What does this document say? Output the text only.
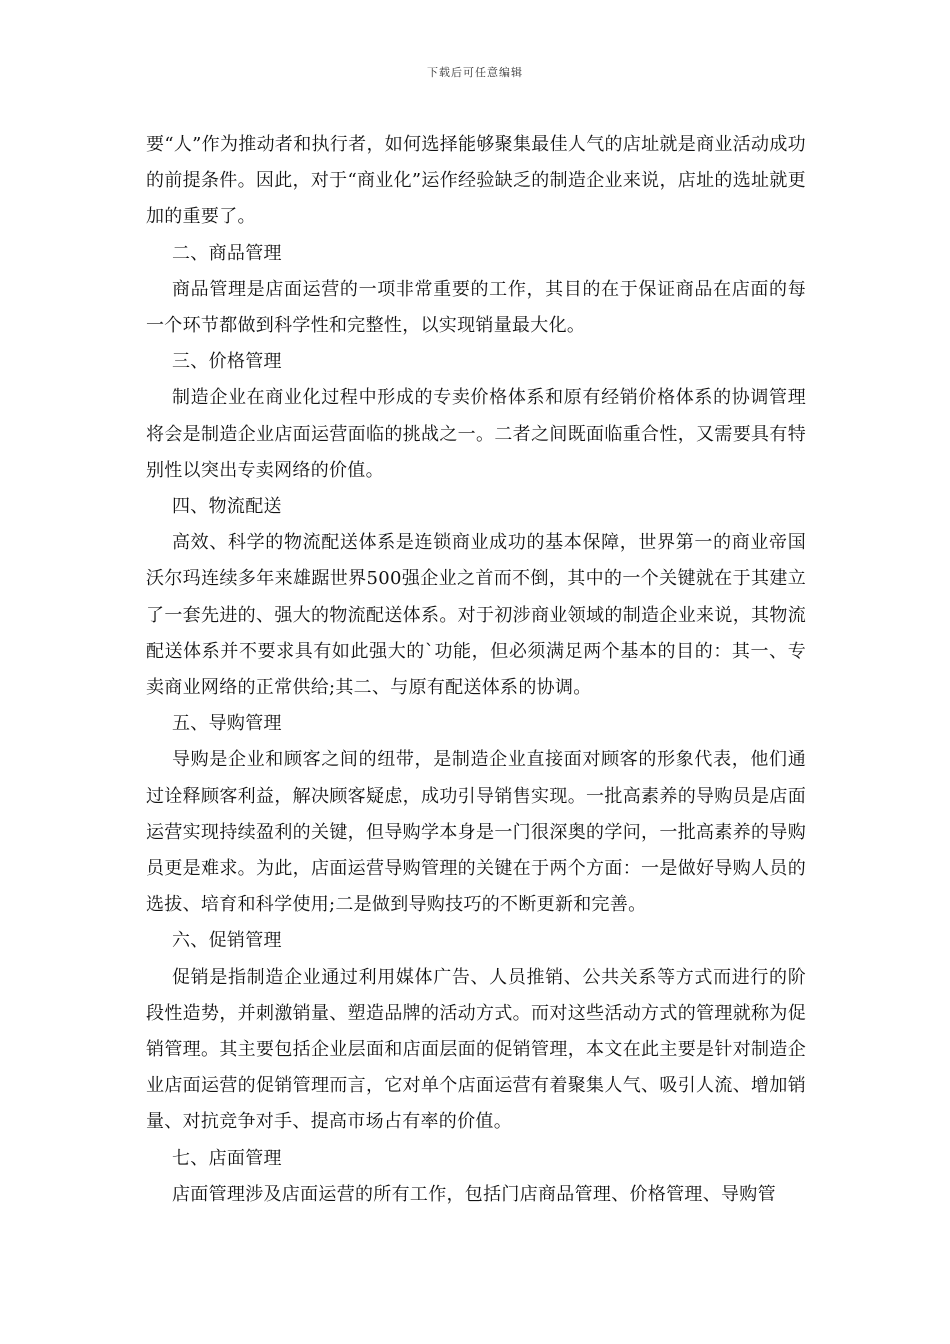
下载后可任意编辑

要“人”作为推动者和执行者，如何选择能够聚集最佳人气的店址就是商业活动成功的前提条件。因此，对于“商业化”运作经验缺乏的制造企业来说，店址的选址就更加的重要了。

二、商品管理

商品管理是店面运营的一项非常重要的工作，其目的在于保证商品在店面的每一个环节都做到科学性和完整性，以实现销量最大化。

三、价格管理

制造企业在商业化过程中形成的专卖价格体系和原有经销价格体系的协调管理将会是制造企业店面运营面临的挑战之一。二者之间既面临重合性，又需要具有特别性以突出专卖网络的价值。

四、物流配送

高效、科学的物流配送体系是连锁商业成功的基本保障，世界第一的商业帝国沃尔玛连续多年来雄踞世界500强企业之首而不倒，其中的一个关键就在于其建立了一套先进的、强大的物流配送体系。对于初涉商业领域的制造企业来说，其物流配送体系并不要求具有如此强大的`功能，但必须满足两个基本的目的：其一、专卖商业网络的正常供给;其二、与原有配送体系的协调。

五、导购管理

导购是企业和顾客之间的纽带，是制造企业直接面对顾客的形象代表，他们通过诠释顾客利益，解决顾客疑虑，成功引导销售实现。一批高素养的导购员是店面运营实现持续盈利的关键，但导购学本身是一门很深奥的学问，一批高素养的导购员更是难求。为此，店面运营导购管理的关键在于两个方面：一是做好导购人员的选拔、培育和科学使用;二是做到导购技巧的不断更新和完善。

六、促销管理

促销是指制造企业通过利用媒体广告、人员推销、公共关系等方式而进行的阶段性造势，并刺激销量、塑造品牌的活动方式。而对这些活动方式的管理就称为促销管理。其主要包括企业层面和店面层面的促销管理，本文在此主要是针对制造企业店面运营的促销管理而言，它对单个店面运营有着聚集人气、吸引人流、增加销量、对抗竞争对手、提高市场占有率的价值。

七、店面管理

店面管理涉及店面运营的所有工作，包括门店商品管理、价格管理、导购管
